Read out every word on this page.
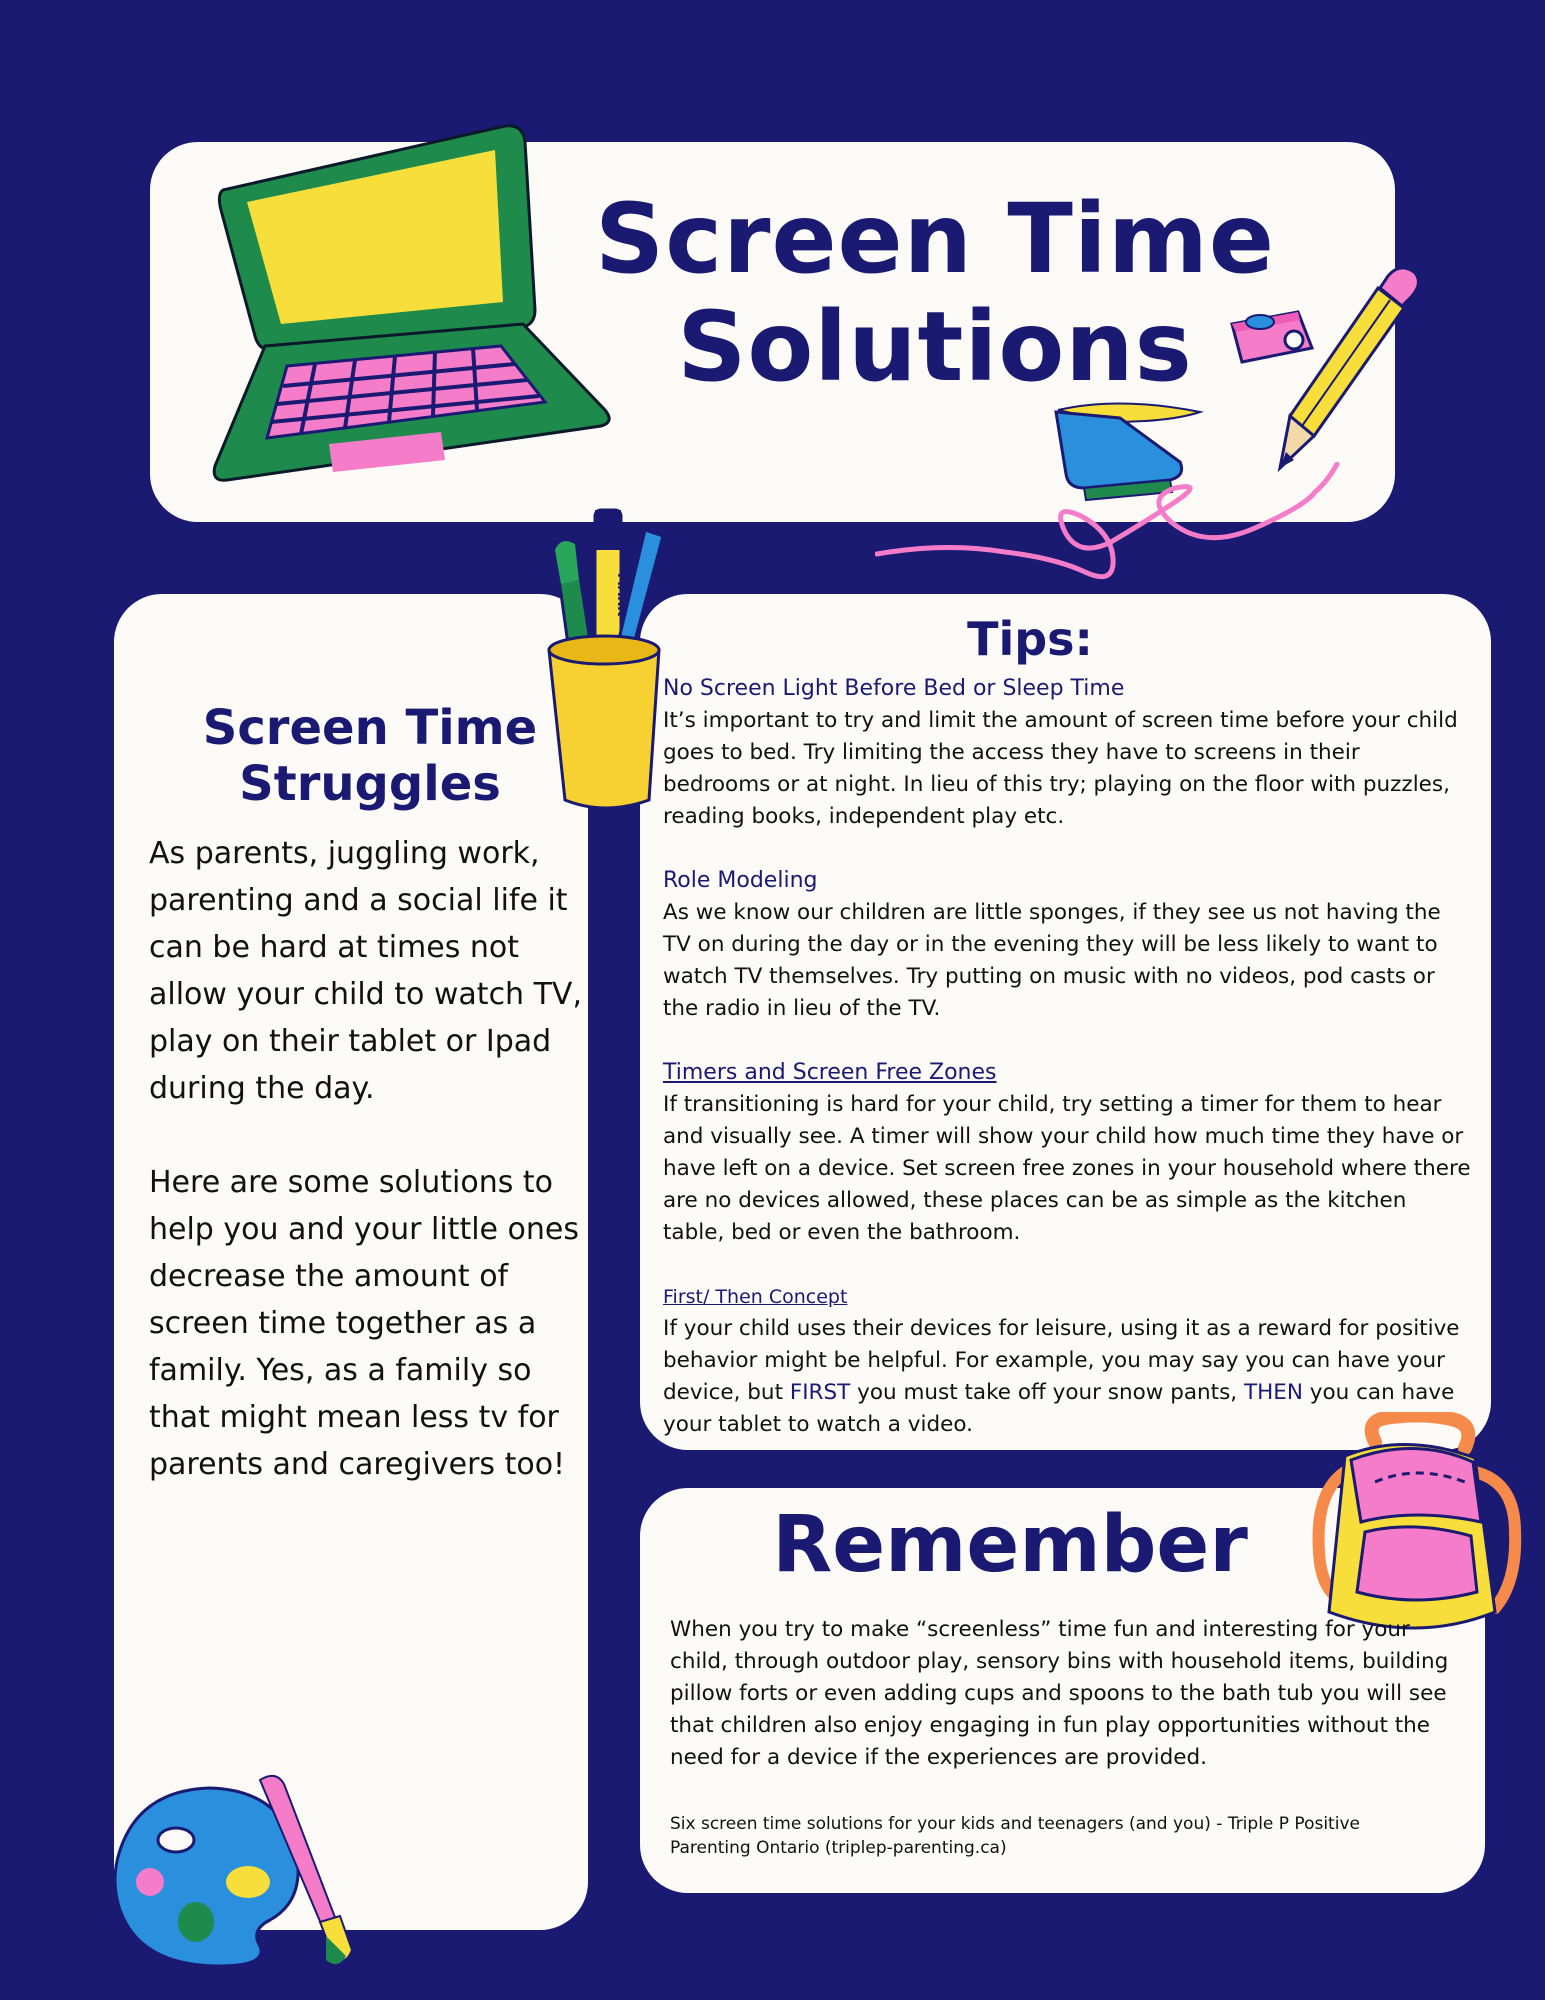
Screen Time
Solutions
MARK
Screen Time
Struggles

As parents, juggling work, parenting and a social life it can be hard at times not allow your child to watch TV, play on their tablet or Ipad during the day.

Here are some solutions to help you and your little ones decrease the amount of screen time together as a family. Yes, as a family so that might mean less tv for parents and caregivers too!

Tips:
No Screen Light Before Bed or Sleep Time
It’s important to try and limit the amount of screen time before your child goes to bed. Try limiting the access they have to screens in their bedrooms or at night. In lieu of this try; playing on the floor with puzzles, reading books, independent play etc.
Role Modeling
As we know our children are little sponges, if they see us not having the TV on during the day or in the evening they will be less likely to want to watch TV themselves. Try putting on music with no videos, pod casts or the radio in lieu of the TV.
Timers and Screen Free Zones
If transitioning is hard for your child, try setting a timer for them to hear and visually see. A timer will show your child how much time they have or have left on a device. Set screen free zones in your household where there are no devices allowed, these places can be as simple as the kitchen table, bed or even the bathroom.
First/ Then Concept
If your child uses their devices for leisure, using it as a reward for positive behavior might be helpful. For example, you may say you can have your device, but FIRST you must take off your snow pants, THEN you can have your tablet to watch a video.
Remember

When you try to make “screenless” time fun and interesting for your child, through outdoor play, sensory bins with household items, building pillow forts or even adding cups and spoons to the bath tub you will see that children also enjoy engaging in fun play opportunities without the need for a device if the experiences are provided.

Six screen time solutions for your kids and teenagers (and you) - Triple P Positive Parenting Ontario (triplep-parenting.ca)
